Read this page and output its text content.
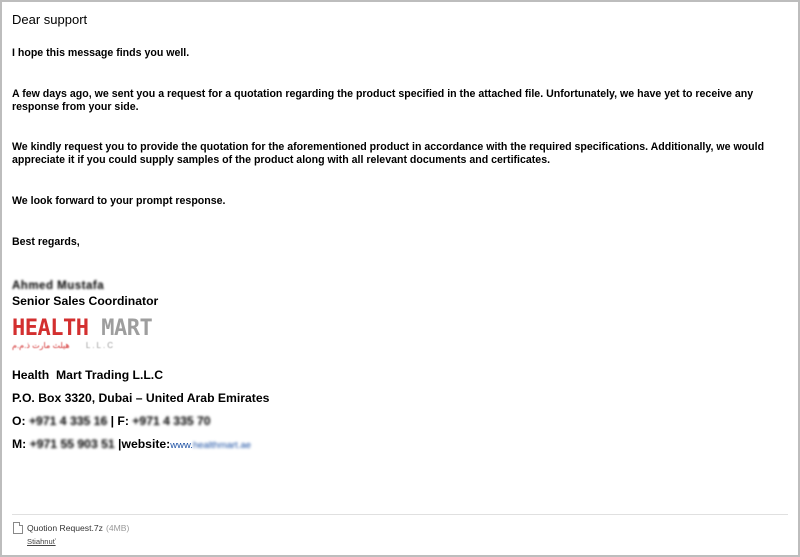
Dear support

I hope this message finds you well.

A few days ago, we sent you a request for a quotation regarding the product specified in the attached file. Unfortunately, we have yet to receive any response from your side.

We kindly request you to provide the quotation for the aforementioned product in accordance with the required specifications. Additionally, we would appreciate it if you could supply samples of the product along with all relevant documents and certificates.

We look forward to your prompt response.

Best regards,

Ahmed Mustafa
Senior Sales Coordinator
HEALTH MART
هيلث مارت ذ.م.م L.L.C
Health  Mart Trading L.L.C
P.O. Box 3320, Dubai – United Arab Emirates
O: +971 4 335 16 | F: +971 4 335 70
M: +971 55 903 51 |website:www.healthmart.ae
Quotion Request.7z (4MB)
Stiahnuť
